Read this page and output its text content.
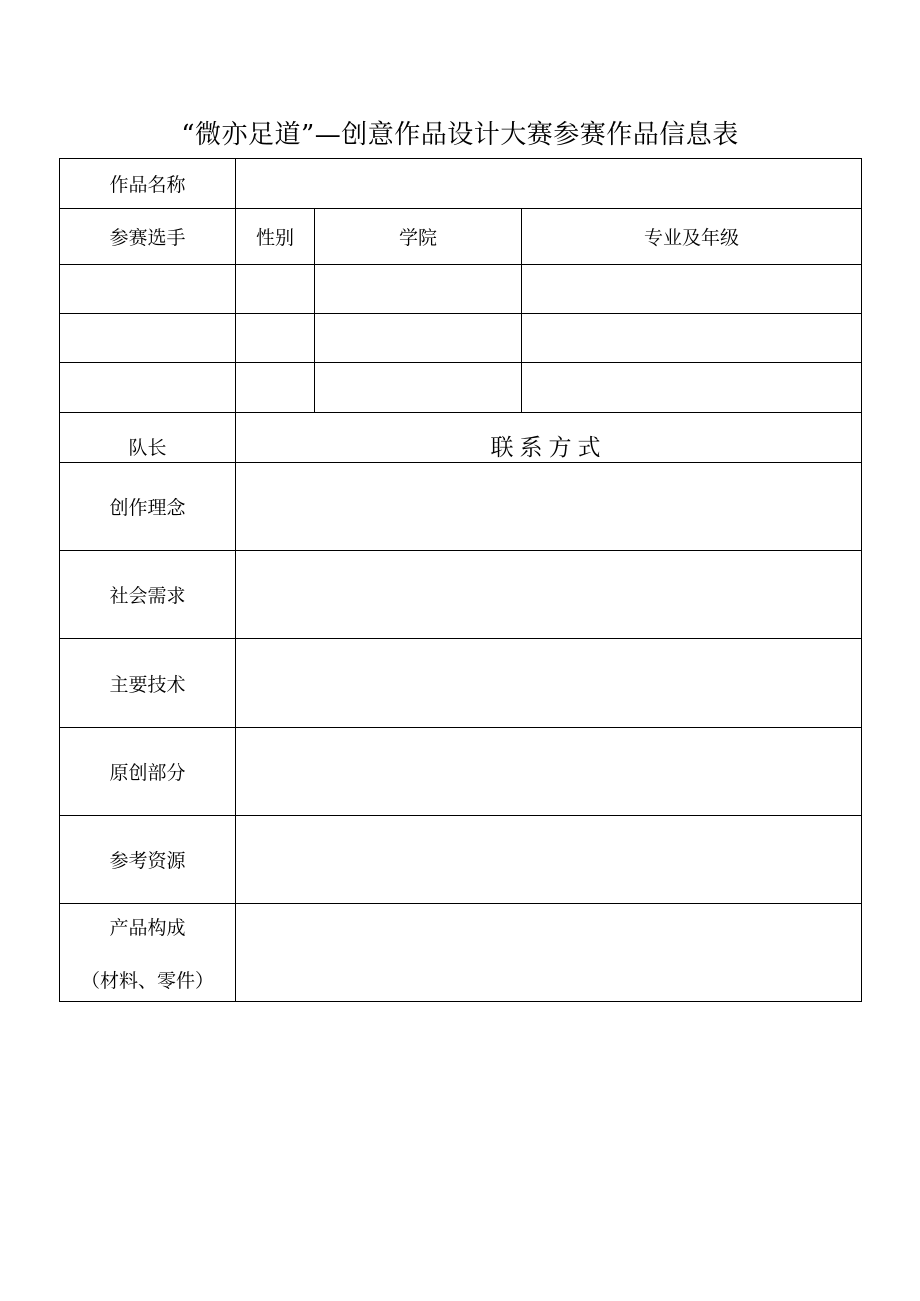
“微亦足道”—创意作品设计大赛参赛作品信息表
作品名称			
参赛选手	性别	学院	专业及年级

队长	联系方式		
创作理念			
社会需求			
主要技术			
原创部分			
参考资源			

产品构成
（材料、零件）			
